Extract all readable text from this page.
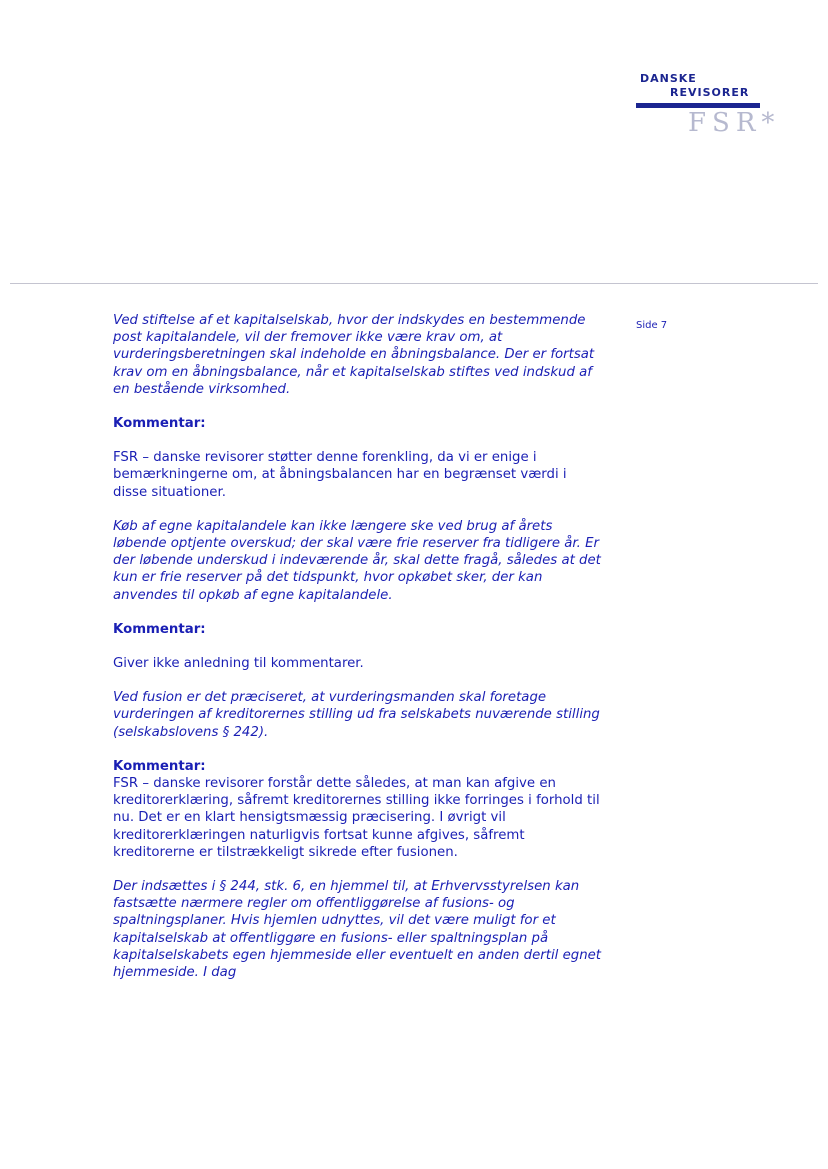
DANSKE
REVISORER
FSR*
Side 7

Ved stiftelse af et kapitalselskab, hvor der indskydes en bestemmende post kapitalandele, vil der fremover ikke være krav om, at vurderingsberetningen skal indeholde en åbningsbalance. Der er fortsat krav om en åbningsbalance, når et kapitalselskab stiftes ved indskud af en bestående virksomhed.

Kommentar:

FSR – danske revisorer støtter denne forenkling, da vi er enige i bemærkningerne om, at åbningsbalancen har en begrænset værdi i disse situationer.

Køb af egne kapitalandele kan ikke længere ske ved brug af årets løbende optjente overskud; der skal være frie reserver fra tidligere år. Er der løbende underskud i indeværende år, skal dette fragå, således at det kun er frie reserver på det tidspunkt, hvor opkøbet sker, der kan anvendes til opkøb af egne kapitalandele.

Kommentar:

Giver ikke anledning til kommentarer.

Ved fusion er det præciseret, at vurderingsmanden skal foretage vurderingen af kreditorernes stilling ud fra selskabets nuværende stilling (selskabslovens § 242).

Kommentar:

FSR – danske revisorer forstår dette således, at man kan afgive en kreditorerklæring, såfremt kreditorernes stilling ikke forringes i forhold til nu. Det er en klart hensigtsmæssig præcisering. I øvrigt vil kreditorerklæringen naturligvis fortsat kunne afgives, såfremt kreditorerne er tilstrækkeligt sikrede efter fusionen.

Der indsættes i § 244, stk. 6, en hjemmel til, at Erhvervsstyrelsen kan fastsætte nærmere regler om offentliggørelse af fusions- og spaltningsplaner. Hvis hjemlen udnyttes, vil det være muligt for et kapitalselskab at offentliggøre en fusions- eller spaltningsplan på kapitalselskabets egen hjemmeside eller eventuelt en anden dertil egnet hjemmeside. I dag
